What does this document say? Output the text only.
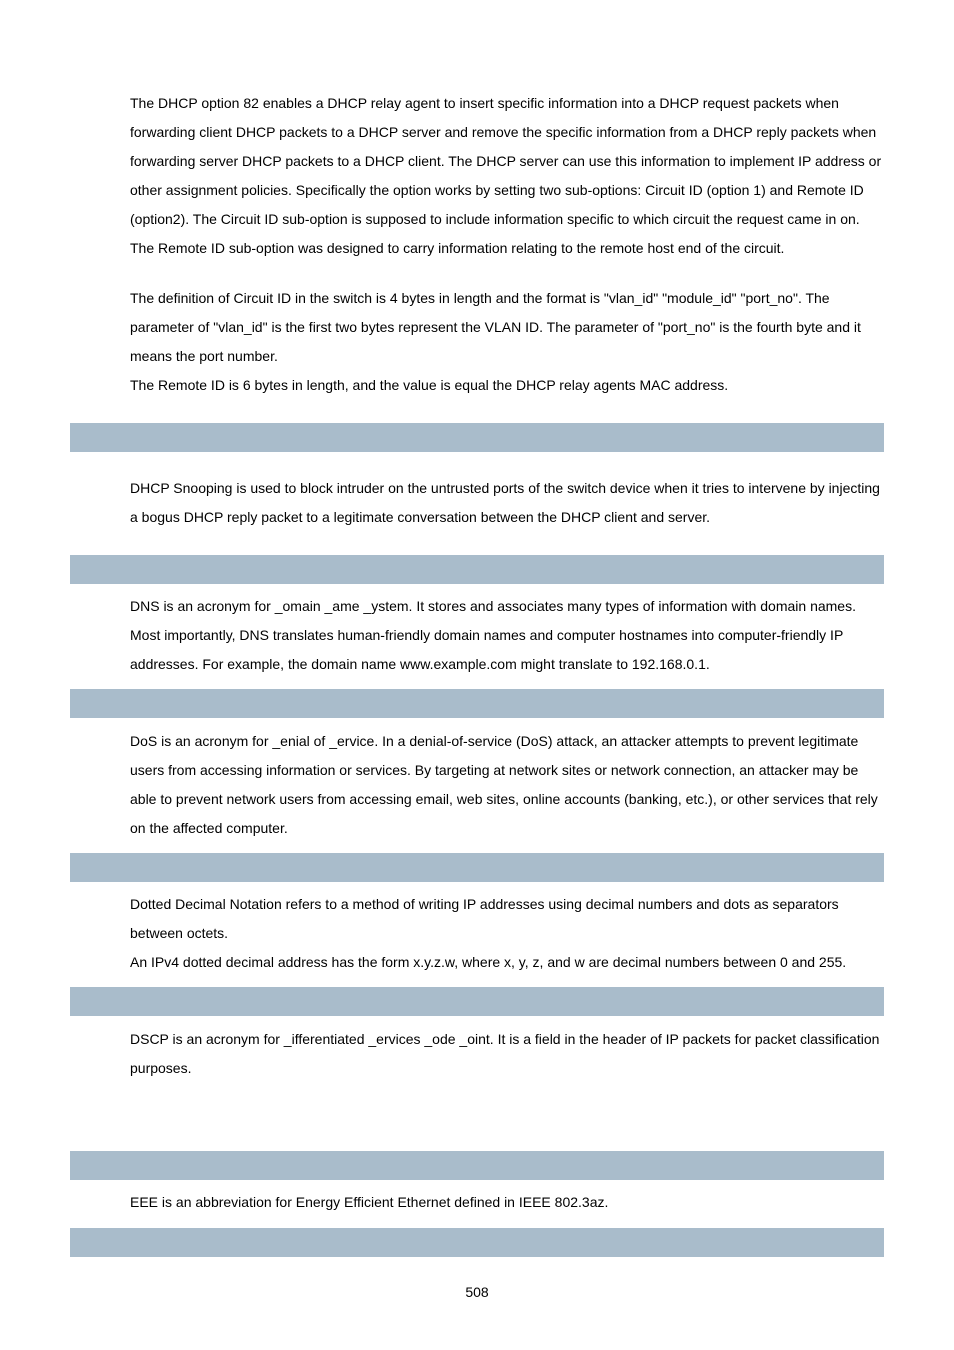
The DHCP option 82 enables a DHCP relay agent to insert specific information into a DHCP request packets when forwarding client DHCP packets to a DHCP server and remove the specific information from a DHCP reply packets when forwarding server DHCP packets to a DHCP client. The DHCP server can use this information to implement IP address or other assignment policies. Specifically the option works by setting two sub-options: Circuit ID (option 1) and Remote ID (option2). The Circuit ID sub-option is supposed to include information specific to which circuit the request came in on. The Remote ID sub-option was designed to carry information relating to the remote host end of the circuit.

The definition of Circuit ID in the switch is 4 bytes in length and the format is "vlan_id" "module_id" "port_no". The parameter of "vlan_id" is the first two bytes represent the VLAN ID. The parameter of "port_no" is the fourth byte and it means the port number.

The Remote ID is 6 bytes in length, and the value is equal the DHCP relay agents MAC address.

DHCP Snooping is used to block intruder on the untrusted ports of the switch device when it tries to intervene by injecting a bogus DHCP reply packet to a legitimate conversation between the DHCP client and server.

DNS is an acronym for _omain _ame _ystem. It stores and associates many types of information with domain names. Most importantly, DNS translates human-friendly domain names and computer hostnames into computer-friendly IP addresses. For example, the domain name www.example.com might translate to 192.168.0.1.

DoS is an acronym for _enial of _ervice. In a denial-of-service (DoS) attack, an attacker attempts to prevent legitimate users from accessing information or services. By targeting at network sites or network connection, an attacker may be able to prevent network users from accessing email, web sites, online accounts (banking, etc.), or other services that rely on the affected computer.

Dotted Decimal Notation refers to a method of writing IP addresses using decimal numbers and dots as separators between octets.

An IPv4 dotted decimal address has the form x.y.z.w, where x, y, z, and w are decimal numbers between 0 and 255.

DSCP is an acronym for _ifferentiated _ervices _ode _oint. It is a field in the header of IP packets for packet classification purposes.

EEE is an abbreviation for Energy Efficient Ethernet defined in IEEE 802.3az.

508
